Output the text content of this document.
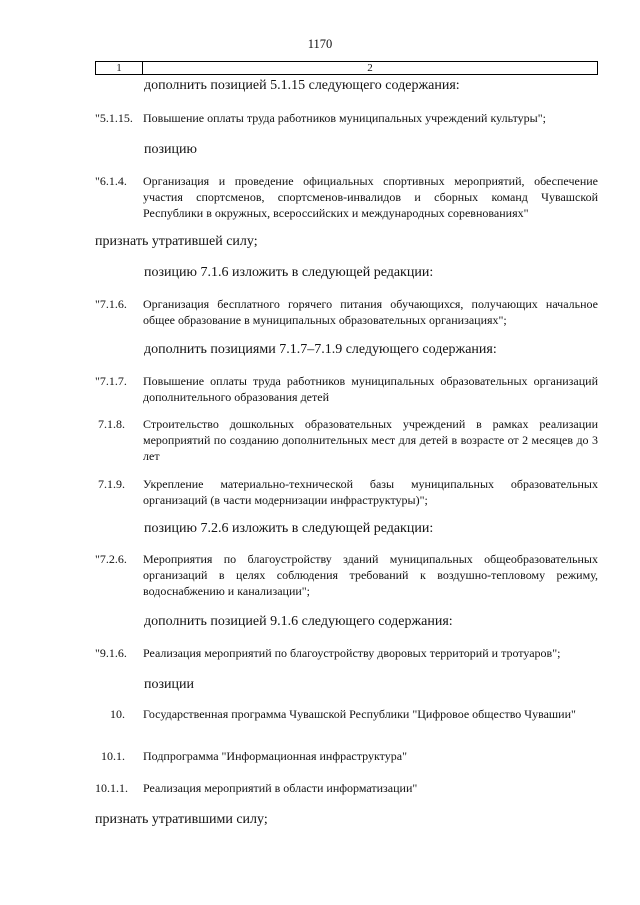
1170
1	2
дополнить позицией 5.1.15 следующего содержания:
"5.1.15. Повышение оплаты труда работников муниципальных учреждений культуры";

позицию
"6.1.4.	Организация и проведение официальных спортивных мероприятий, обеспечение участия спортсменов, спортсменов-инвалидов и сборных команд Чувашской Республики в окружных, всероссийских и международных соревнованиях"

признать утратившей силу;
позицию 7.1.6 изложить в следующей редакции:
"7.1.6.	Организация бесплатного горячего питания обучающихся, получающих начальное общее образование в муниципальных образовательных организациях";

дополнить позициями 7.1.7–7.1.9 следующего содержания:
"7.1.7.	Повышение оплаты труда работников муниципальных образовательных организаций дополнительного образования детей

7.1.8. Строительство дошкольных образовательных учреждений в рамках реализации мероприятий по созданию дополнительных мест для детей в возрасте от 2 месяцев до 3 лет

7.1.9. Укрепление материально-технической базы муниципальных образовательных организаций (в части модернизации инфраструктуры)";

позицию 7.2.6 изложить в следующей редакции:
"7.2.6.	Мероприятия по благоустройству зданий муниципальных общеобразовательных организаций в целях соблюдения требований к воздушно-тепловому режиму, водоснабжению и канализации";

дополнить позицией 9.1.6 следующего содержания:
"9.1.6.	Реализация мероприятий по благоустройству дворовых территорий и тротуаров";

позиции
10. Государственная программа Чувашской Республики "Цифровое общество Чувашии"

10.1. Подпрограмма "Информационная инфраструктура"

10.1.1.	Реализация мероприятий в области информатизации"

признать утратившими силу;
